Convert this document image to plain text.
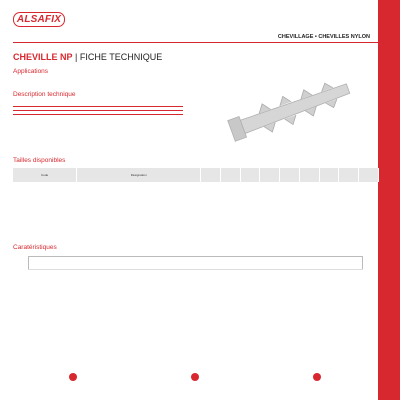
ALSAFIX
CHEVILLAGE • CHEVILLES NYLON
CHEVILLE NP | FICHE TECHNIQUE
Applications
Description technique

Tailles disponibles
Code	Désignation									
Caratéristiques
